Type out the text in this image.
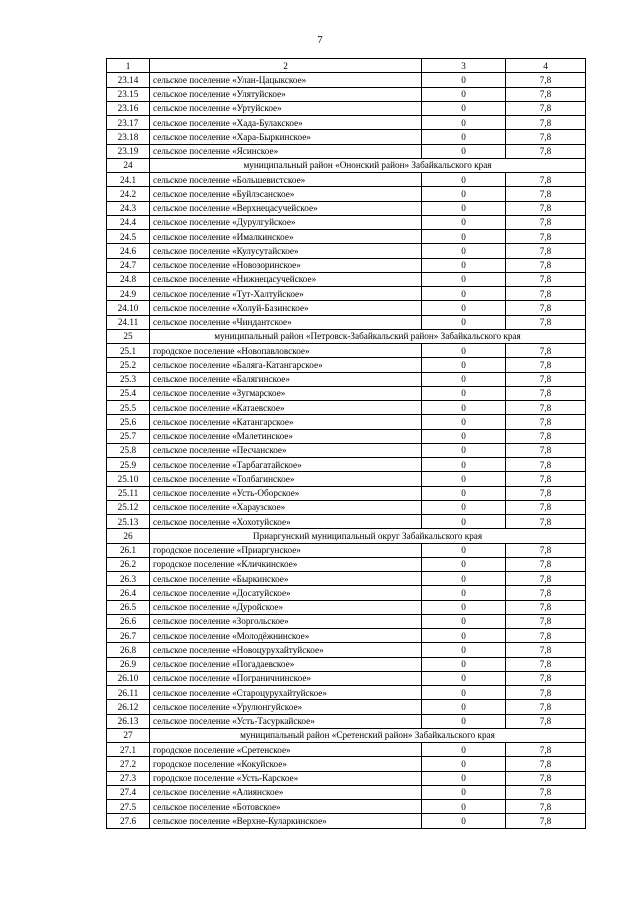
7
1	2	3	4
23.14	сельское поселение «Улан-Цацыкское»	0	7,8
23.15	сельское поселение «Улятуйское»	0	7,8
23.16	сельское поселение «Уртуйское»	0	7,8
23.17	сельское поселение «Хада-Булакское»	0	7,8
23.18	сельское поселение «Хара-Быркинское»	0	7,8
23.19	сельское поселение «Ясинское»	0	7,8
24	муниципальный район «Ононский район» Забайкальского края		
24.1	сельское поселение «Большевистское»	0	7,8
24.2	сельское поселение «Буйлэсанское»	0	7,8
24.3	сельское поселение «Верхнецасучейское»	0	7,8
24.4	сельское поселение «Дурулгуйское»	0	7,8
24.5	сельское поселение «Ималкинское»	0	7,8
24.6	сельское поселение «Кулусутайское»	0	7,8
24.7	сельское поселение «Новозоринское»	0	7,8
24.8	сельское поселение «Нижнецасучейское»	0	7,8
24.9	сельское поселение «Тут-Халтуйское»	0	7,8
24.10	сельское поселение «Холуй-Базинское»	0	7,8
24.11	сельское поселение «Чиндантское»	0	7,8
25	муниципальный район «Петровск-Забайкальский район» Забайкальского края		
25.1	городское поселение «Новопавловское»	0	7,8
25.2	сельское поселение «Баляга-Катангарское»	0	7,8
25.3	сельское поселение «Балягинское»	0	7,8
25.4	сельское поселение «Зугмарское»	0	7,8
25.5	сельское поселение «Катаевское»	0	7,8
25.6	сельское поселение «Катангарское»	0	7,8
25.7	сельское поселение «Малетинское»	0	7,8
25.8	сельское поселение «Песчанское»	0	7,8
25.9	сельское поселение «Тарбагатайское»	0	7,8
25.10	сельское поселение «Толбагинское»	0	7,8
25.11	сельское поселение «Усть-Оборское»	0	7,8
25.12	сельское поселение «Хараузское»	0	7,8
25.13	сельское поселение «Хохотуйское»	0	7,8
26	Приаргунский муниципальный округ Забайкальского края		
26.1	городское поселение «Приаргунское»	0	7,8
26.2	городское поселение «Кличкинское»	0	7,8
26.3	сельское поселение «Быркинское»	0	7,8
26.4	сельское поселение «Досатуйское»	0	7,8
26.5	сельское поселение «Дуройское»	0	7,8
26.6	сельское поселение «Зоргольское»	0	7,8
26.7	сельское поселение «Молодёжнинское»	0	7,8
26.8	сельское поселение «Новоцурухайтуйское»	0	7,8
26.9	сельское поселение «Погадаевское»	0	7,8
26.10	сельское поселение «Пограничнинское»	0	7,8
26.11	сельское поселение «Староцурухайтуйское»	0	7,8
26.12	сельское поселение «Урулюнгуйское»	0	7,8
26.13	сельское поселение «Усть-Тасуркайское»	0	7,8
27	муниципальный район «Сретенский район» Забайкальского края		
27.1	городское поселение «Сретенское»	0	7,8
27.2	городское поселение «Кокуйское»	0	7,8
27.3	городское поселение «Усть-Карское»	0	7,8
27.4	сельское поселение «Алиянское»	0	7,8
27.5	сельское поселение «Ботовское»	0	7,8
27.6	сельское поселение «Верхне-Куларкинское»	0	7,8
